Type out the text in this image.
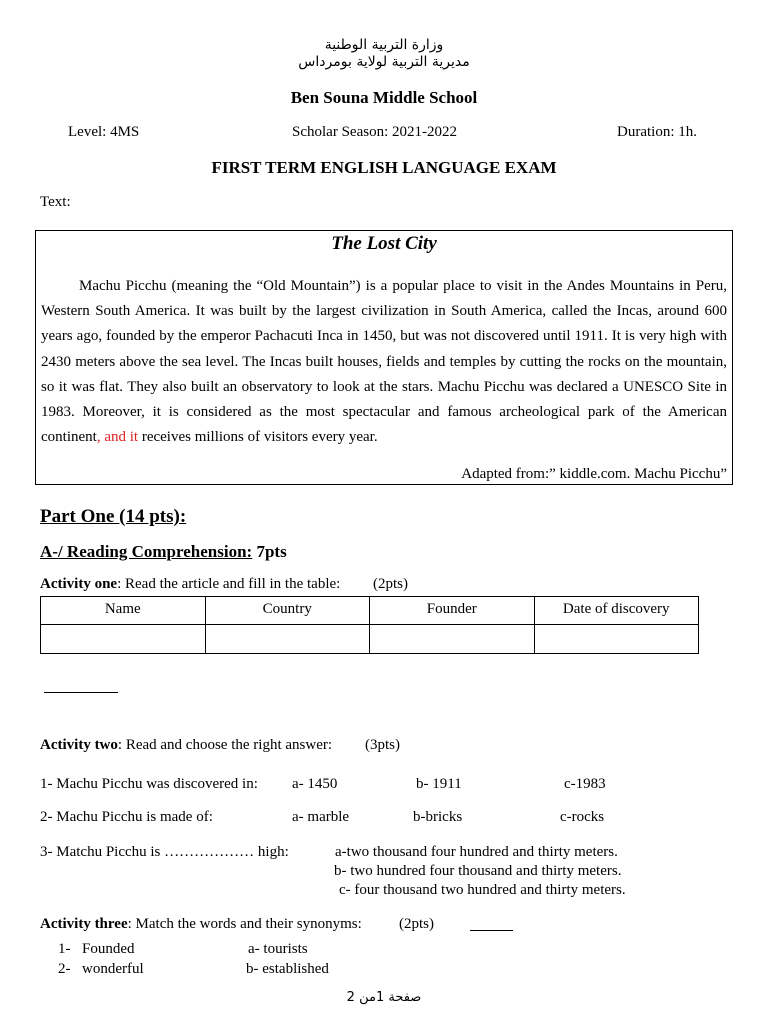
وزارة التربية الوطنية
مديرية التربية لولاية بومرداس
Ben Souna Middle School
Level: 4MS	Scholar Season: 2021-2022	Duration: 1h.
FIRST TERM ENGLISH LANGUAGE EXAM
Text:
The Lost City
Machu Picchu (meaning the “Old Mountain”) is a popular place to visit in the Andes Mountains in Peru, Western South America. It was built by the largest civilization in South America, called the Incas, around 600 years ago, founded by the emperor Pachacuti Inca in 1450, but was not discovered until 1911. It is very high with 2430 meters above the sea level. The Incas built houses, fields and temples by cutting the rocks on the mountain, so it was flat. They also built an observatory to look at the stars. Machu Picchu was declared a UNESCO Site in 1983. Moreover, it is considered as the most spectacular and famous archeological park of the American continent, and it receives millions of visitors every year.
Adapted from:” kiddle.com. Machu Picchu”
Part One (14 pts):
A-/ Reading Comprehension: 7pts
Activity one: Read the article and fill in the table: (2pts)
Name	Country	Founder	Date of discovery

Activity two: Read and choose the right answer: (3pts)
1- Machu Picchu was discovered in: a- 1450	b- 1911	c-1983
2- Machu Picchu is made of:	a- marble	b-bricks	c-rocks
3- Matchu Picchu is ……………… high:	a-two thousand four hundred and thirty meters.
b- two hundred four thousand and thirty meters.
c- four thousand two hundred and thirty meters.
Activity three: Match the words and their synonyms: (2pts)
1- Founded	a- tourists
2- wonderful	b- established
صفحة 1من 2
